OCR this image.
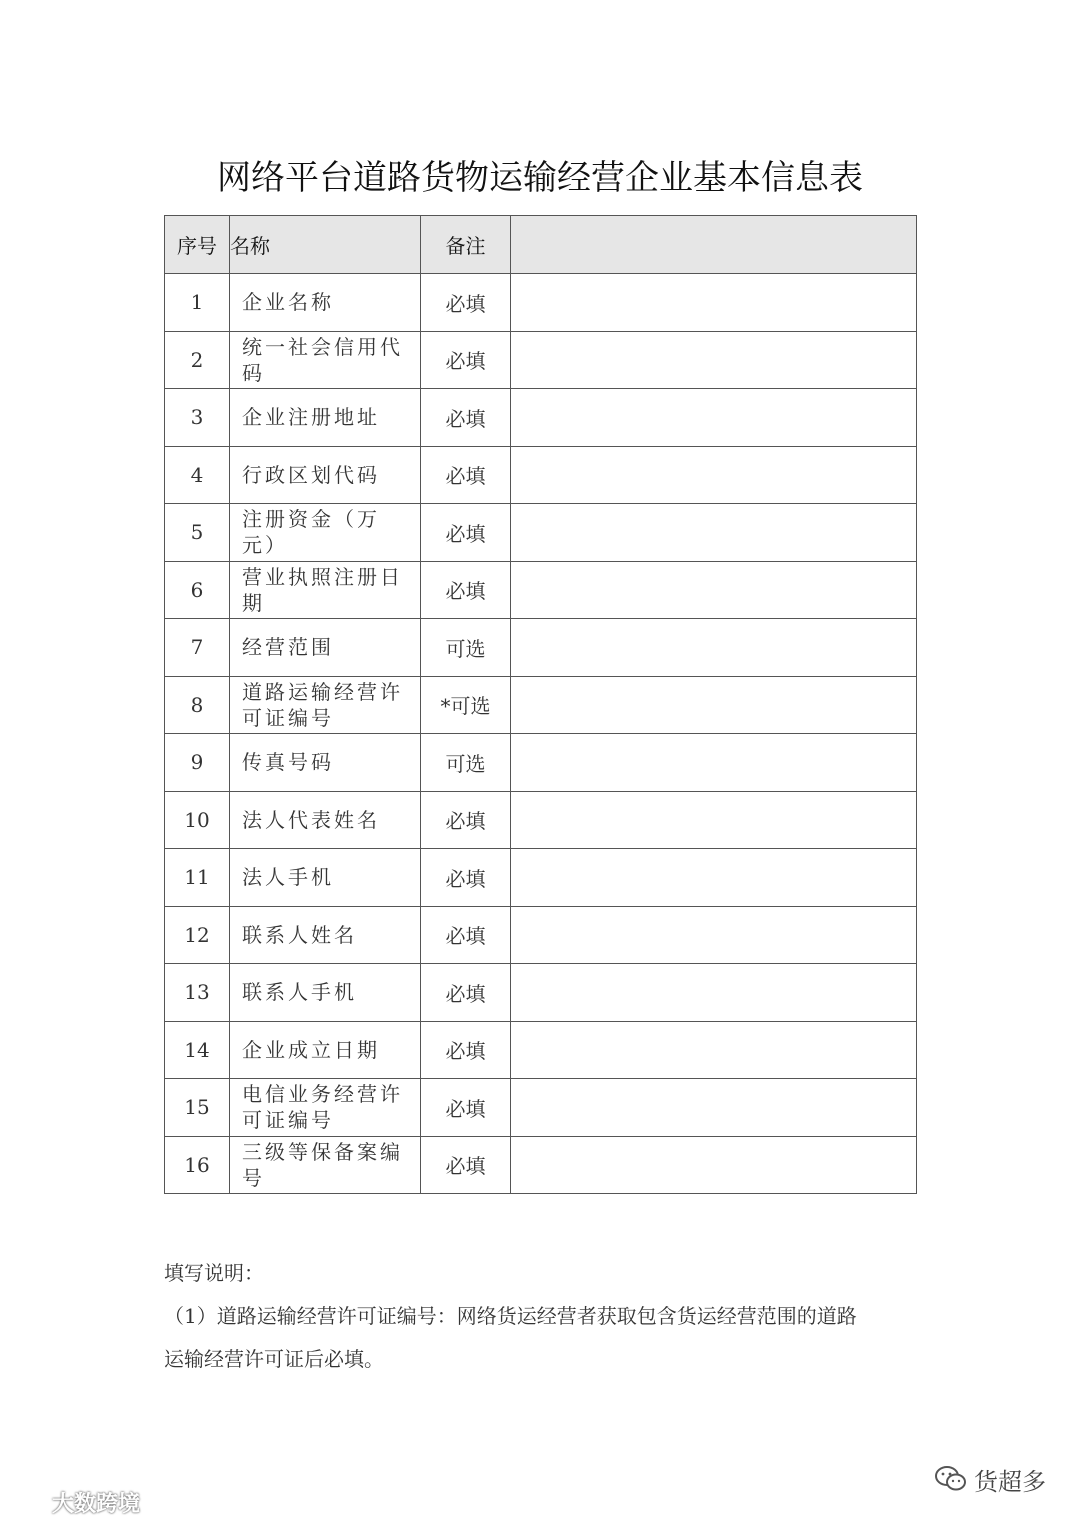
网络平台道路货物运输经营企业基本信息表
序号	名称	备注	
1	企业名称	必填	
2	统一社会信用代码	必填	
3	企业注册地址	必填	
4	行政区划代码	必填	
5	注册资金（万元）	必填	
6	营业执照注册日期	必填	
7	经营范围	可选	
8	道路运输经营许可证编号	*可选	
9	传真号码	可选	
10	法人代表姓名	必填	
11	法人手机	必填	
12	联系人姓名	必填	
13	联系人手机	必填	
14	企业成立日期	必填	
15	电信业务经营许可证编号	必填	
16	三级等保备案编号	必填	

填写说明：

（1）道路运输经营许可证编号：网络货运经营者获取包含货运经营范围的道路

运输经营许可证后必填。

大数跨境
货超多
